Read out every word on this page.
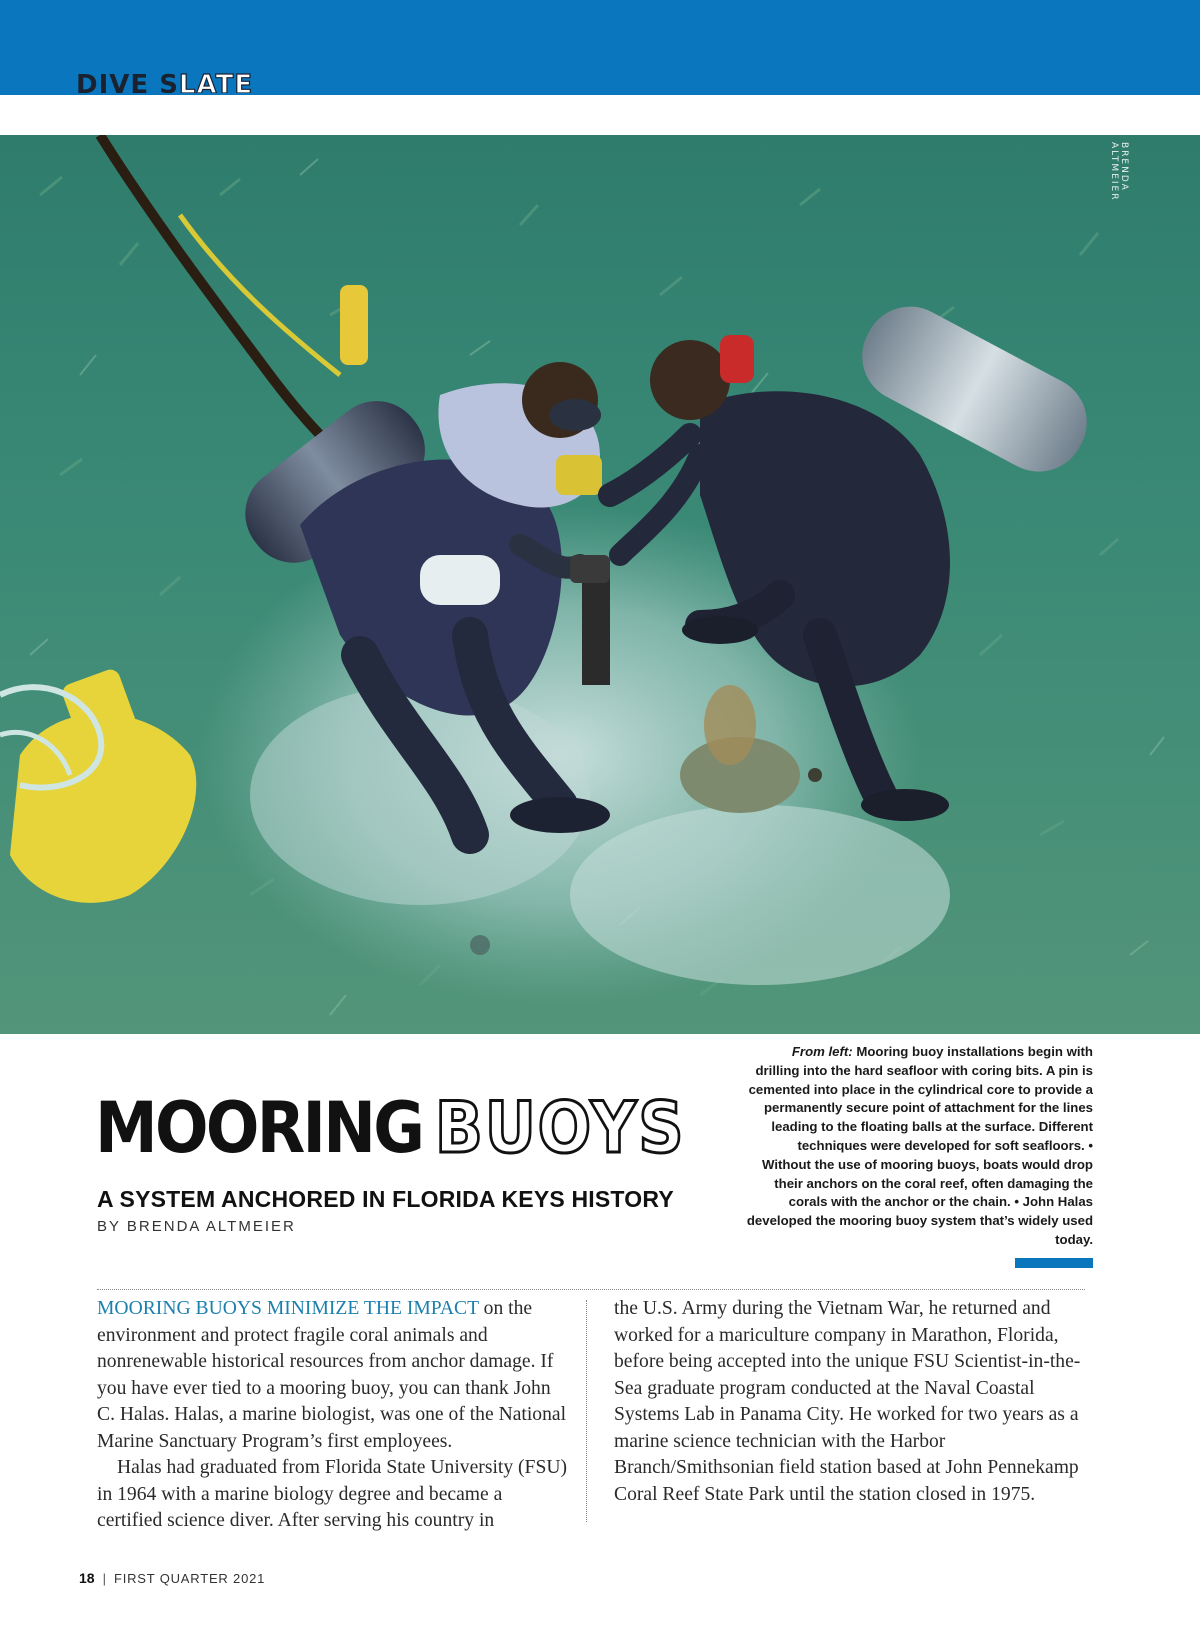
DIVE SLATE
BRENDA ALTMEIER
MOORING BUOYS
A SYSTEM ANCHORED IN FLORIDA KEYS HISTORY
BY BRENDA ALTMEIER
From left: Mooring buoy installations begin with drilling into the hard seafloor with coring bits. A pin is cemented into place in the cylindrical core to provide a permanently secure point of attachment for the lines leading to the floating balls at the surface. Different techniques were developed for soft seafloors. • Without the use of mooring buoys, boats would drop their anchors on the coral reef, often damaging the corals with the anchor or the chain. • John Halas developed the mooring buoy system that’s widely used today.

MOORING BUOYS MINIMIZE THE IMPACT on the environment and protect fragile coral animals and nonrenewable historical resources from anchor damage. If you have ever tied to a mooring buoy, you can thank John C. Halas. Halas, a marine biologist, was one of the National Marine Sanctuary Program’s first employees.

Halas had graduated from Florida State University (FSU) in 1964 with a marine biology degree and became a certified science diver. After serving his country in

the U.S. Army during the Vietnam War, he returned and worked for a mariculture company in Marathon, Florida, before being accepted into the unique FSU Scientist-in-the-Sea graduate program conducted at the Naval Coastal Systems Lab in Panama City. He worked for two years as a marine science technician with the Harbor Branch/Smithsonian field station based at John Pennekamp Coral Reef State Park until the station closed in 1975.

18 | FIRST QUARTER 2021
